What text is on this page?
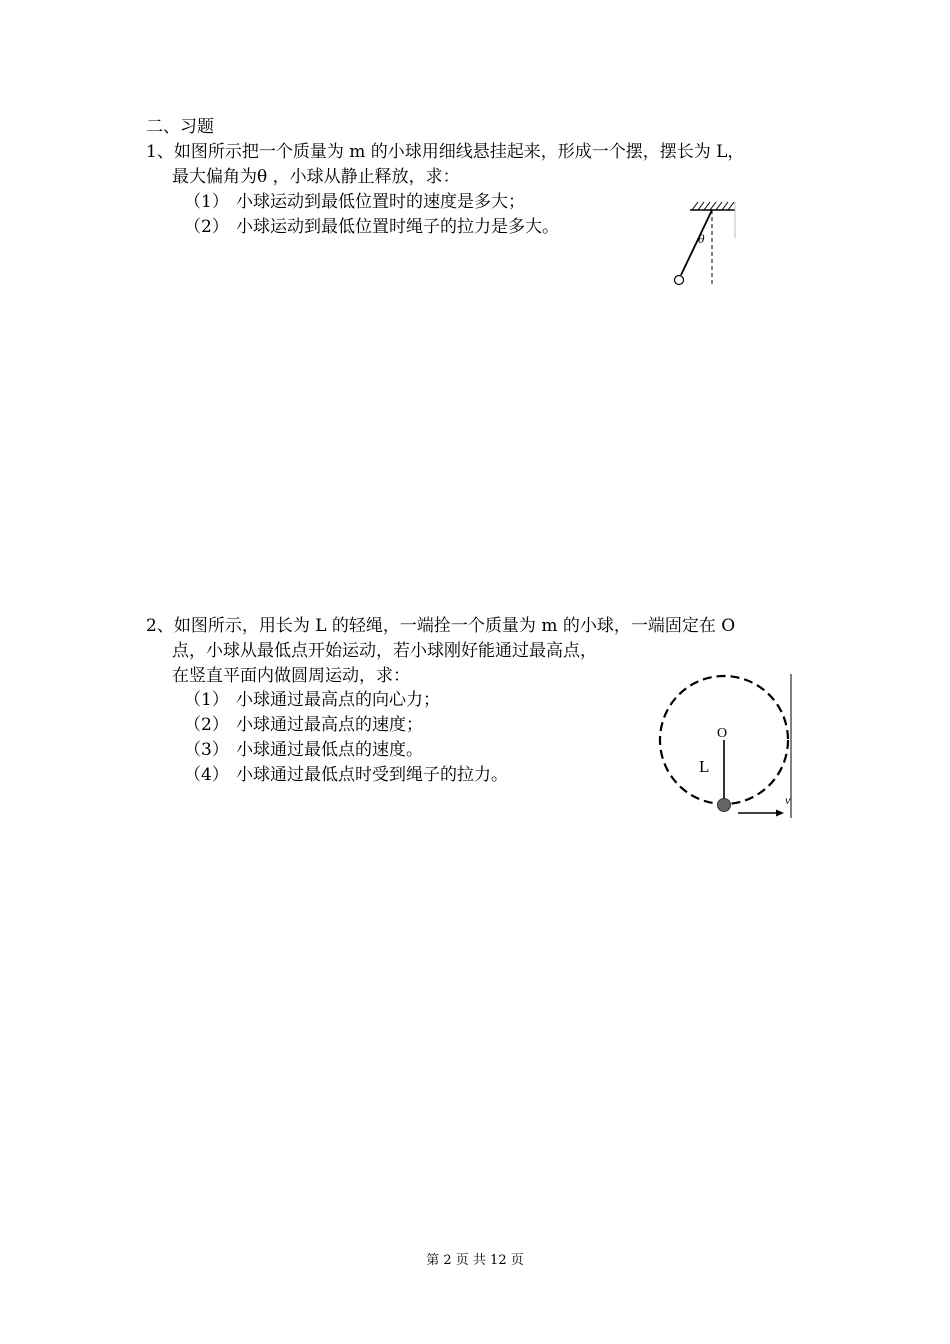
二、习题
1、如图所示把一个质量为 m 的小球用细线悬挂起来，形成一个摆，摆长为 L，
最大偏角为θ ，小球从静止释放，求：
（1） 小球运动到最低位置时的速度是多大；
（2） 小球运动到最低位置时绳子的拉力是多大。
θ
2、如图所示，用长为 L 的轻绳，一端拴一个质量为 m 的小球，一端固定在 O
点，小球从最低点开始运动，若小球刚好能通过最高点，
在竖直平面内做圆周运动，求：
（1） 小球通过最高点的向心力；
（2） 小球通过最高点的速度；
（3） 小球通过最低点的速度。
（4） 小球通过最低点时受到绳子的拉力。
O
L
v
第 2 页 共 12 页
